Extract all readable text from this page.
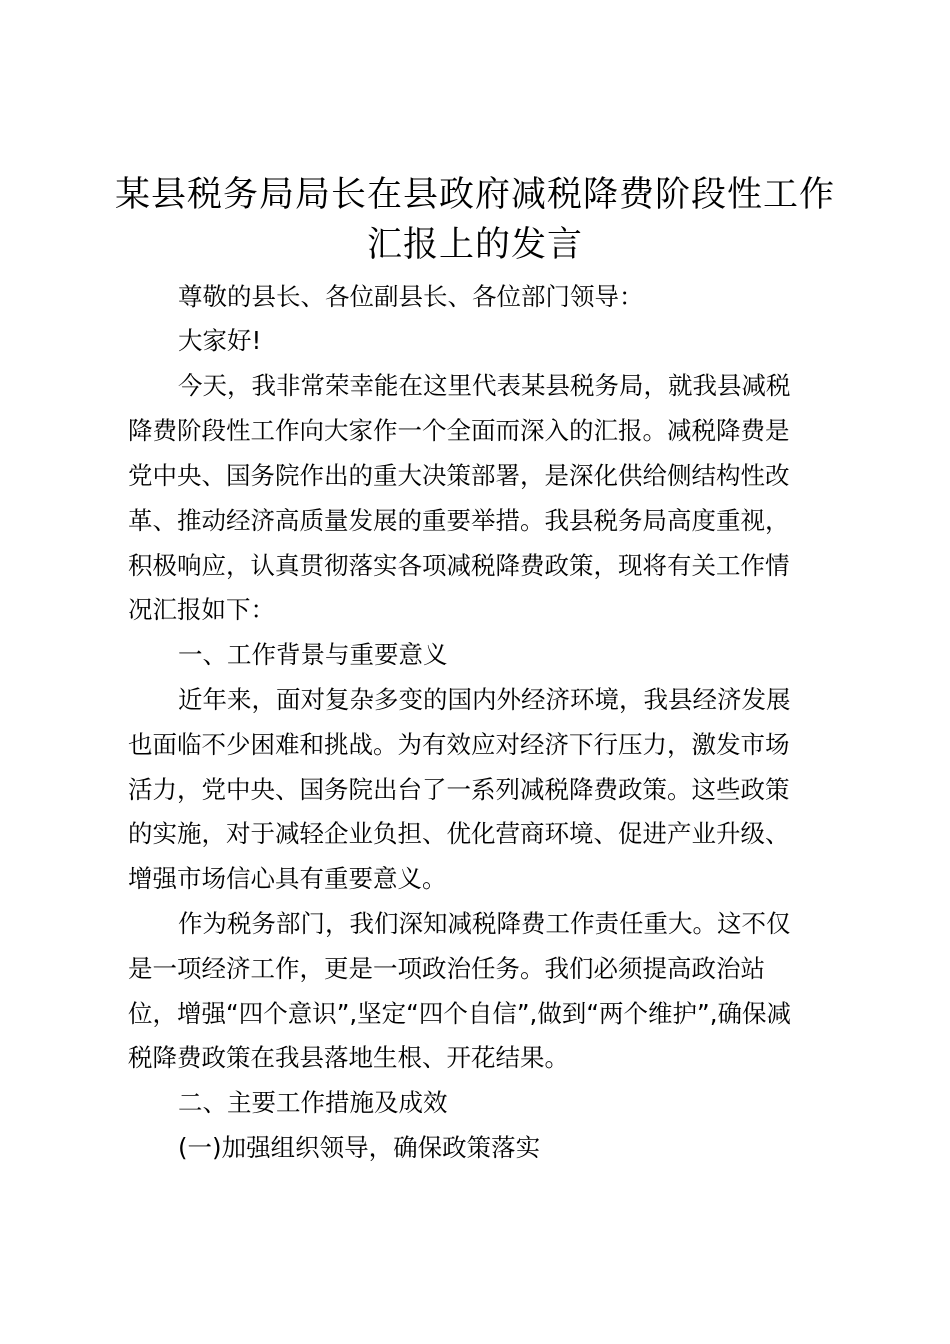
某县税务局局长在县政府减税降费阶段性工作
汇报上的发言
尊敬的县长、各位副县长、各位部门领导：
大家好!
今天，我非常荣幸能在这里代表某县税务局，就我县减税
降费阶段性工作向大家作一个全面而深入的汇报。减税降费是
党中央、国务院作出的重大决策部署，是深化供给侧结构性改
革、推动经济高质量发展的重要举措。我县税务局高度重视，
积极响应，认真贯彻落实各项减税降费政策，现将有关工作情
况汇报如下：
一、工作背景与重要意义
近年来，面对复杂多变的国内外经济环境，我县经济发展
也面临不少困难和挑战。为有效应对经济下行压力，激发市场
活力，党中央、国务院出台了一系列减税降费政策。这些政策
的实施，对于减轻企业负担、优化营商环境、促进产业升级、
增强市场信心具有重要意义。
作为税务部门，我们深知减税降费工作责任重大。这不仅
是一项经济工作，更是一项政治任务。我们必须提高政治站
位，增强“四个意识”,坚定“四个自信”,做到“两个维护”,确保减
税降费政策在我县落地生根、开花结果。
二、主要工作措施及成效
(一)加强组织领导，确保政策落实
